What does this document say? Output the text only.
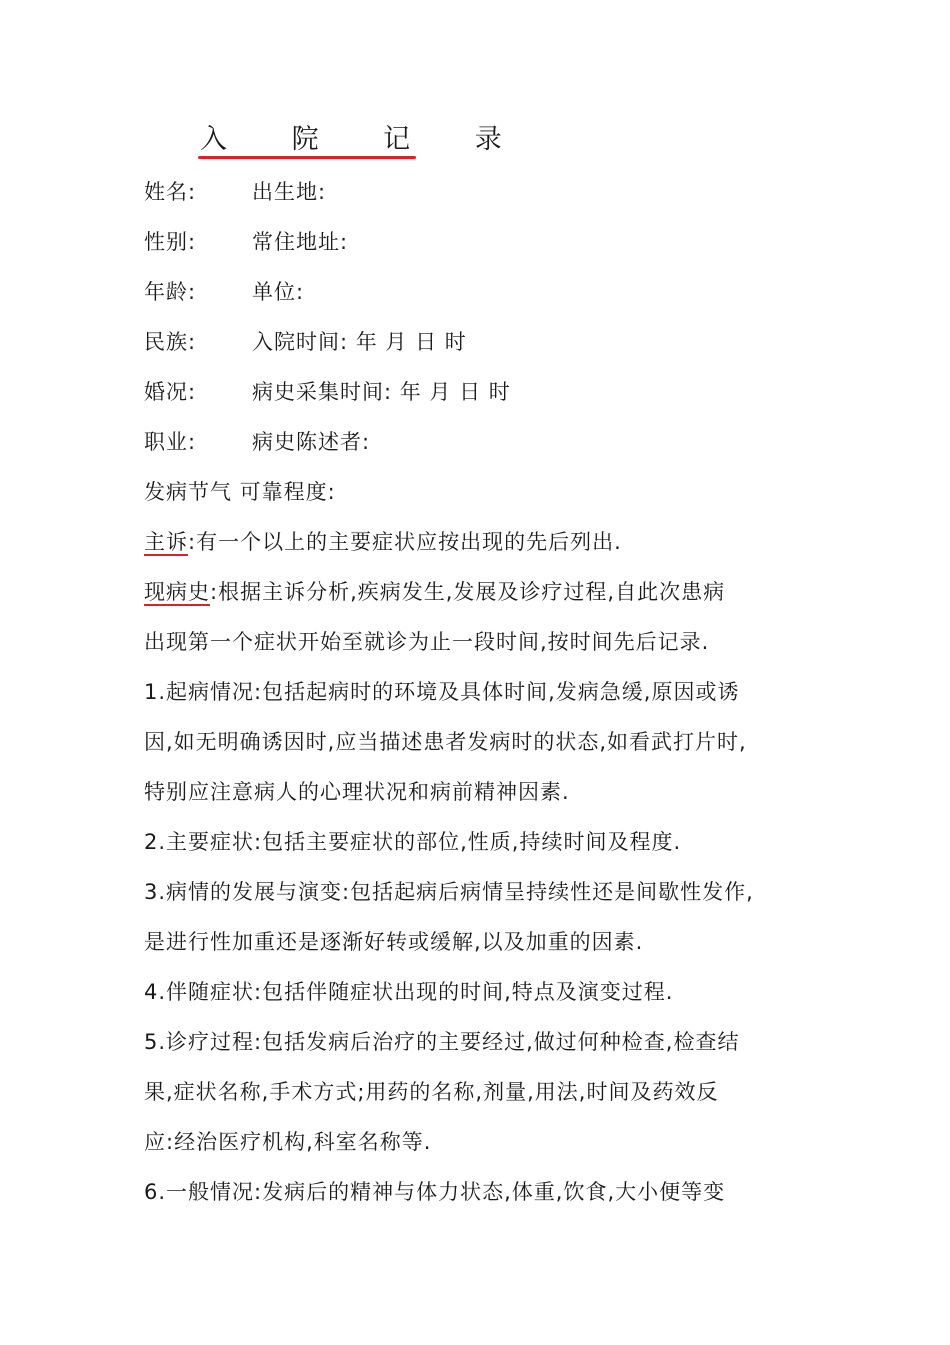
入 院 记 录
姓名:	出生地:
性别:	常住地址:
年龄:	单位:
民族:	入院时间: 年 月 日 时
婚况:	病史采集时间: 年 月 日 时
职业:	病史陈述者:
发病节气 可靠程度:
主诉:有一个以上的主要症状应按出现的先后列出.
现病史:根据主诉分析,疾病发生,发展及诊疗过程,自此次患病
出现第一个症状开始至就诊为止一段时间,按时间先后记录.
1.起病情况:包括起病时的环境及具体时间,发病急缓,原因或诱
因,如无明确诱因时,应当描述患者发病时的状态,如看武打片时,
特别应注意病人的心理状况和病前精神因素.
2.主要症状:包括主要症状的部位,性质,持续时间及程度.
3.病情的发展与演变:包括起病后病情呈持续性还是间歇性发作,
是进行性加重还是逐渐好转或缓解,以及加重的因素.
4.伴随症状:包括伴随症状出现的时间,特点及演变过程.
5.诊疗过程:包括发病后治疗的主要经过,做过何种检查,检查结
果,症状名称,手术方式;用药的名称,剂量,用法,时间及药效反
应:经治医疗机构,科室名称等.
6.一般情况:发病后的精神与体力状态,体重,饮食,大小便等变
